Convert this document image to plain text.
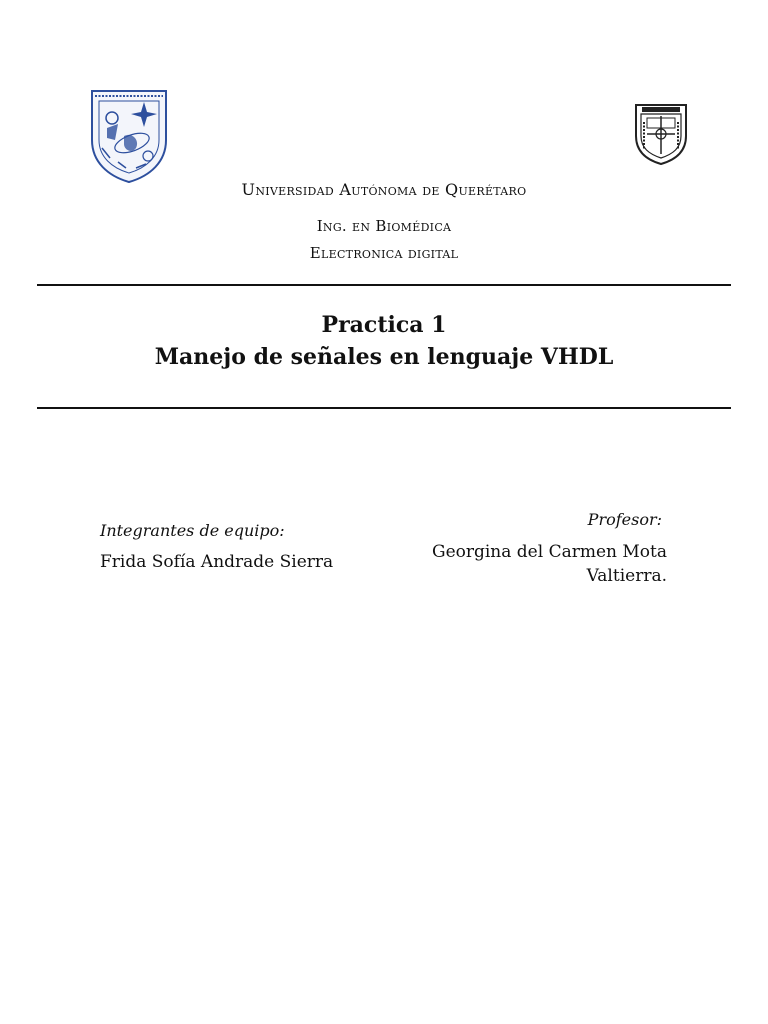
Universidad Autónoma de Querétaro
Ing. en Biomédica
Electronica digital
Practica 1
Manejo de señales en lenguaje VHDL
Integrantes de equipo:
Frida Sofía Andrade Sierra
Profesor:
Georgina del Carmen Mota Valtierra.
